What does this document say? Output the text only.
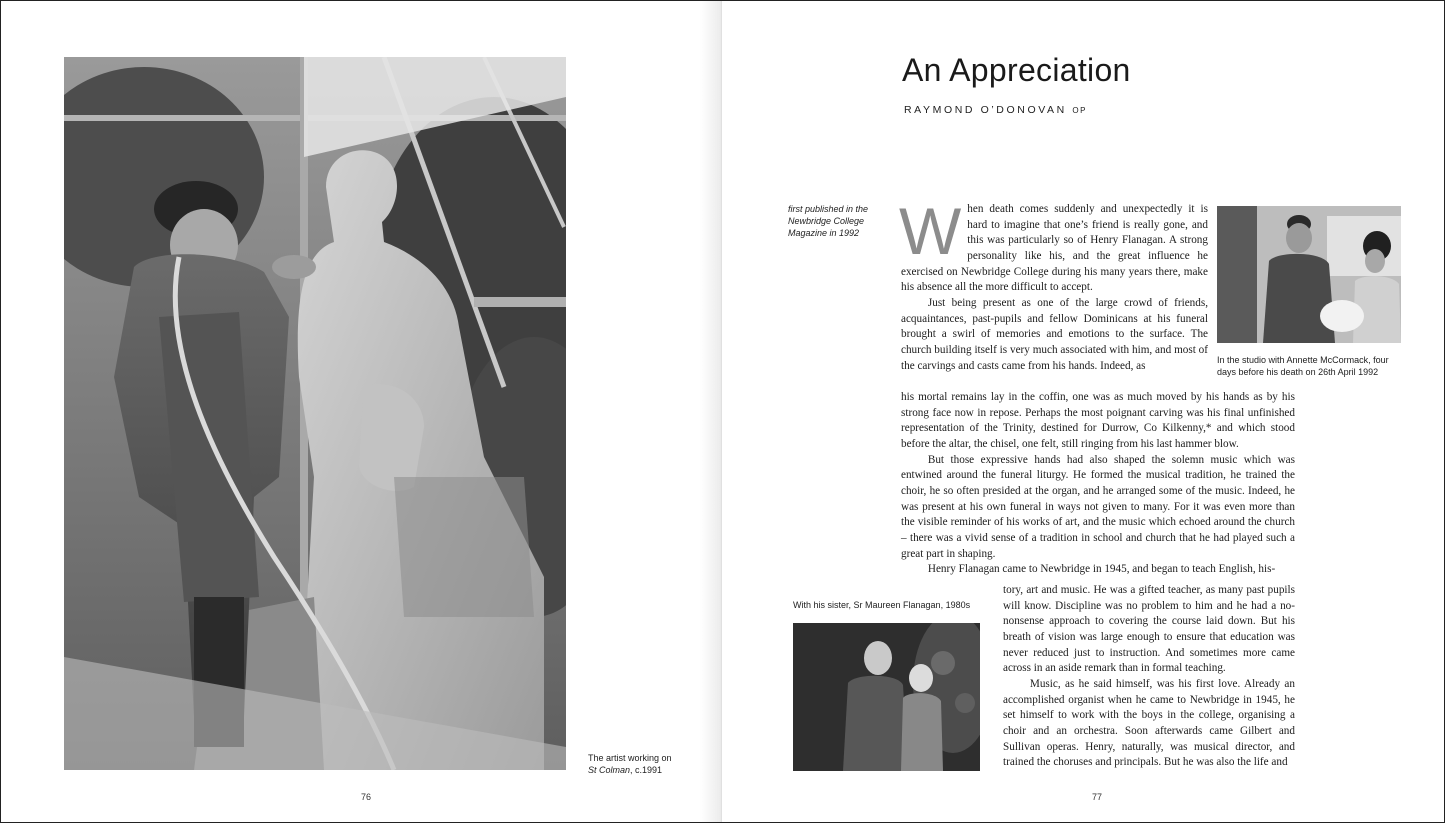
The artist working on
St Colman, c.1991
76
An Appreciation
RAYMOND O’DONOVAN OP
first published in the Newbridge College Magazine in 1992 When death comes suddenly and unexpectedly it is hard to imagine that one’s friend is really gone, and this was particularly so of Henry Flanagan. A strong personality like his, and the great influence he exercised on Newbridge College during his many years there, make his absence all the more difficult to accept.

Just being present as one of the large crowd of friends, acquaintances, past-pupils and fellow Dominicans at his funeral brought a swirl of memories and emotions to the surface. The church building itself is very much associated with him, and most of the carvings and casts came from his hands. Indeed, as	In the studio with Annette McCormack, four days before his death on 26th April 1992

his mortal remains lay in the coffin, one was as much moved by his hands as by his strong face now in repose. Perhaps the most poignant carving was his final unfinished representation of the Trinity, destined for Durrow, Co Kilkenny,* and which stood before the altar, the chisel, one felt, still ringing from his last hammer blow.

But those expressive hands had also shaped the solemn music which was entwined around the funeral liturgy. He formed the musical tradition, he trained the choir, he so often presided at the organ, and he arranged some of the music. Indeed, he was present at his own funeral in ways not given to many. For it was even more than the visible reminder of his works of art, and the music which echoed around the church – there was a vivid sense of a tradition in school and church that he had played such a great part in shaping.

Henry Flanagan came to Newbridge in 1945, and began to teach English, his-

With his sister, Sr Maureen Flanagan, 1980s

tory, art and music. He was a gifted teacher, as many past pupils will know. Discipline was no problem to him and he had a no-nonsense approach to covering the course laid down. But his breath of vision was large enough to ensure that education was never reduced just to instruction. And sometimes more came across in an aside remark than in formal teaching.

Music, as he said himself, was his first love. Already an accomplished organist when he came to Newbridge in 1945, he set himself to work with the boys in the college, organising a choir and an orchestra. Soon afterwards came Gilbert and Sullivan operas. Henry, naturally, was musical director, and trained the choruses and principals. But he was also the life and

77
